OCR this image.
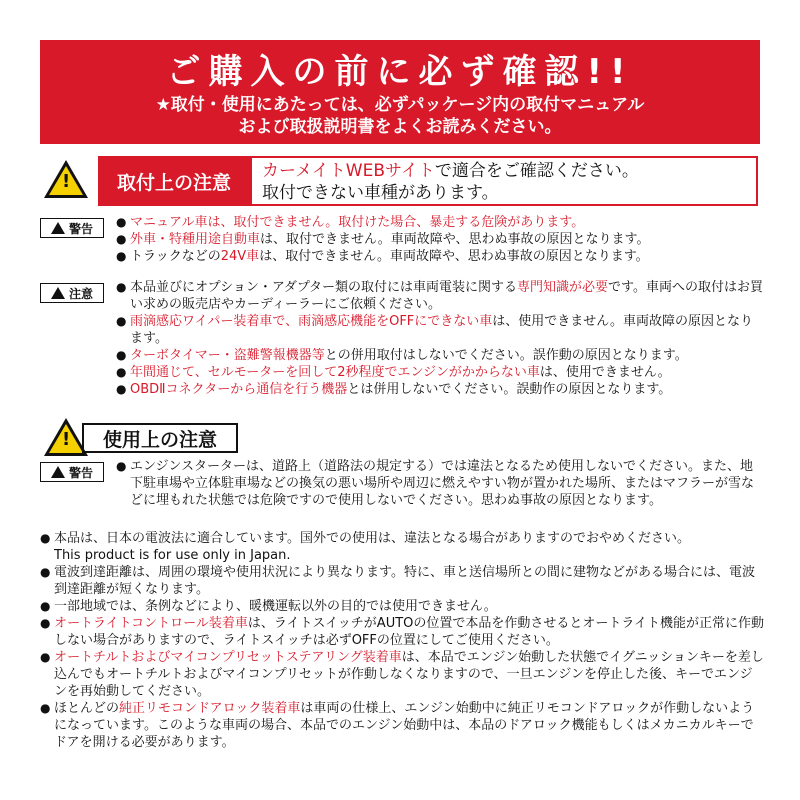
ご購入の前に必ず確認!!
★取付・使用にあたっては、必ずパッケージ内の取付マニュアル
および取扱説明書をよくお読みください。
!	取付上の注意
カーメイトWEBサイトで適合をご確認ください。
取付できない車種があります。
警告	● マニュアル車は、取付できません。取付けた場合、暴走する危険があります。
● 外車・特種用途自動車は、取付できません。車両故障や、思わぬ事故の原因となります。
● トラックなどの24V車は、取付できません。車両故障や、思わぬ事故の原因となります。
注意	● 本品並びにオプション・アダプター類の取付には車両電装に関する専門知識が必要です。車両への取付はお買い求めの販売店やカーディーラーにご依頼ください。
● 雨滴感応ワイパー装着車で、雨滴感応機能をOFFにできない車は、使用できません。車両故障の原因となります。
● ターボタイマー・盗難警報機器等との併用取付はしないでください。誤作動の原因となります。
● 年間通じて、セルモーターを回して2秒程度でエンジンがかからない車は、使用できません。
● OBDⅡコネクターから通信を行う機器とは併用しないでください。誤動作の原因となります。
!	使用上の注意
警告	● エンジンスターターは、道路上（道路法の規定する）では違法となるため使用しないでください。また、地下駐車場や立体駐車場などの換気の悪い場所や周辺に燃えやすい物が置かれた場所、またはマフラーが雪などに埋もれた状態では危険ですので使用しないでください。思わぬ事故の原因となります。
● 本品は、日本の電波法に適合しています。国外での使用は、違法となる場合がありますのでおやめください。
This product is for use only in Japan.
● 電波到達距離は、周囲の環境や使用状況により異なります。特に、車と送信場所との間に建物などがある場合には、電波到達距離が短くなります。
● 一部地域では、条例などにより、暖機運転以外の目的では使用できません。
● オートライトコントロール装着車は、ライトスイッチがAUTOの位置で本品を作動させるとオートライト機能が正常に作動しない場合がありますので、ライトスイッチは必ずOFFの位置にしてご使用ください。
● オートチルトおよびマイコンプリセットステアリング装着車は、本品でエンジン始動した状態でイグニッションキーを差し込んでもオートチルトおよびマイコンプリセットが作動しなくなりますので、一旦エンジンを停止した後、キーでエンジンを再始動してください。
● ほとんどの純正リモコンドアロック装着車は車両の仕様上、エンジン始動中に純正リモコンドアロックが作動しないようになっています。このような車両の場合、本品でのエンジン始動中は、本品のドアロック機能もしくはメカニカルキーでドアを開ける必要があります。
